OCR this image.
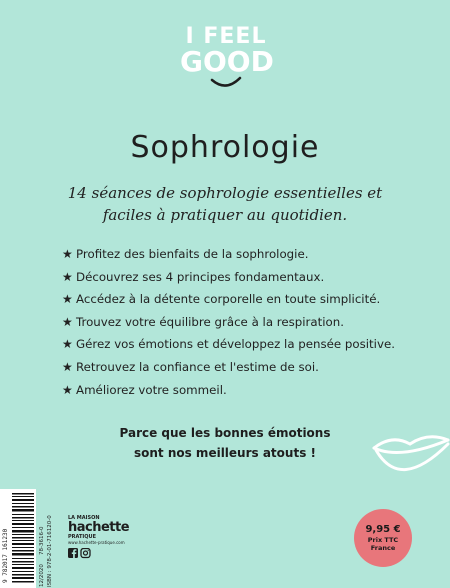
I FEEL
GOOD
Sophrologie
14 séances de sophrologie essentielles et faciles à pratiquer au quotidien.
★ Profitez des bienfaits de la sophrologie.
★ Découvrez ses 4 principes fondamentaux.
★ Accédez à la détente corporelle en toute simplicité.
★ Trouvez votre équilibre grâce à la respiration.
★ Gérez vos émotions et développez la pensée positive.
★ Retrouvez la confiance et l'estime de soi.
★ Améliorez votre sommeil.
Parce que les bonnes émotions
sont nos meilleurs atouts !
9 782017 161230	78-3616-0
12/2020 ISBN : 978-2-01-716120-0	LA MAISON
hachette
PRATIQUE
www.hachette-pratique.com
9,95 €
Prix TTC
France
